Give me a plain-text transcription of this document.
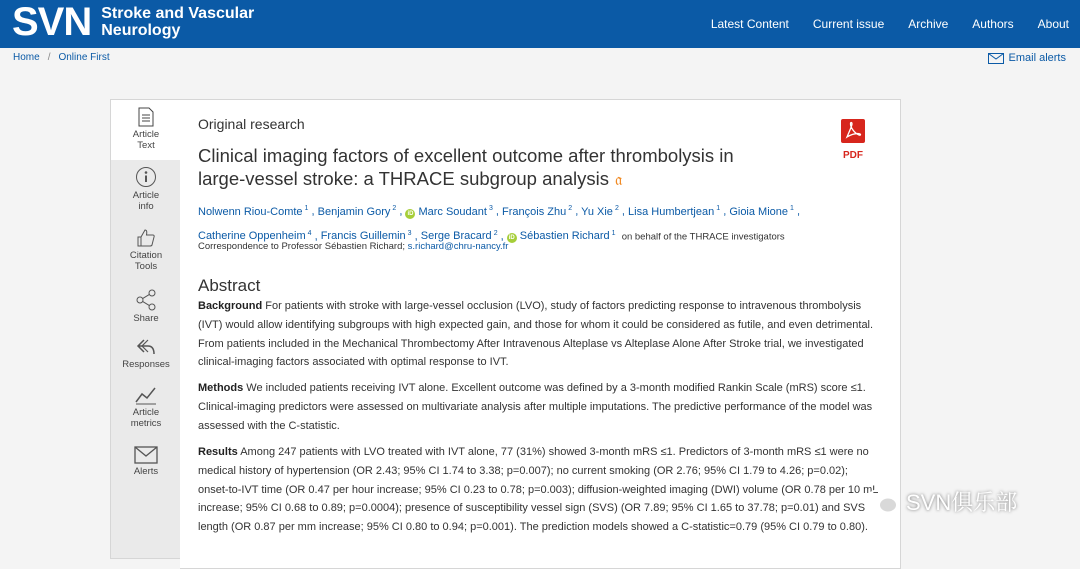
SVN Stroke and Vascular
Neurology	Latest Content Current issue Archive Authors About
Home / Online First	Email alerts
Article
Text
Article
info
Citation
Tools
Share
Responses
Article
metrics
Alerts
Original research
PDF
Clinical imaging factors of excellent outcome after thrombolysis in
large-vessel stroke: a THRACE subgroup analysis 𝔞
Nolwenn Riou-Comte $^1$ , Benjamin Gory $^2$ , iD Marc Soudant $^3$ , François Zhu $^2$ , Yu Xie $^2$ , Lisa Humbertjean $^1$ , Gioia Mione $^1$ ,
Catherine Oppenheim $^4$ , Francis Guillemin $^3$ , Serge Bracard $^2$ , iD Sébastien Richard $^1$ on behalf of the THRACE investigators
Correspondence to Professor Sébastien Richard; s.richard@chru-nancy.fr
Abstract

Background For patients with stroke with large-vessel occlusion (LVO), study of factors predicting response to intravenous thrombolysis (IVT) would allow identifying subgroups with high expected gain, and those for whom it could be considered as futile, and even detrimental. From patients included in the Mechanical Thrombectomy After Intravenous Alteplase vs Alteplase Alone After Stroke trial, we investigated clinical-imaging factors associated with optimal response to IVT.

Methods We included patients receiving IVT alone. Excellent outcome was defined by a 3-month modified Rankin Scale (mRS) score ≤1. Clinical-imaging predictors were assessed on multivariate analysis after multiple imputations. The predictive performance of the model was assessed with the C-statistic.

Results Among 247 patients with LVO treated with IVT alone, 77 (31%) showed 3-month mRS ≤1. Predictors of 3-month mRS ≤1 were no medical history of hypertension (OR 2.43; 95% CI 1.74 to 3.38; p=0.007); no current smoking (OR 2.76; 95% CI 1.79 to 4.26; p=0.02); onset-to-IVT time (OR 0.47 per hour increase; 95% CI 0.23 to 0.78; p=0.003); diffusion-weighted imaging (DWI) volume (OR 0.78 per 10 mL increase; 95% CI 0.68 to 0.89; p=0.0004); presence of susceptibility vessel sign (SVS) (OR 7.89; 95% CI 1.65 to 37.78; p=0.01) and SVS length (OR 0.87 per mm increase; 95% CI 0.80 to 0.94; p=0.001). The prediction models showed a C-statistic=0.79 (95% CI 0.79 to 0.80).

SVN俱乐部
